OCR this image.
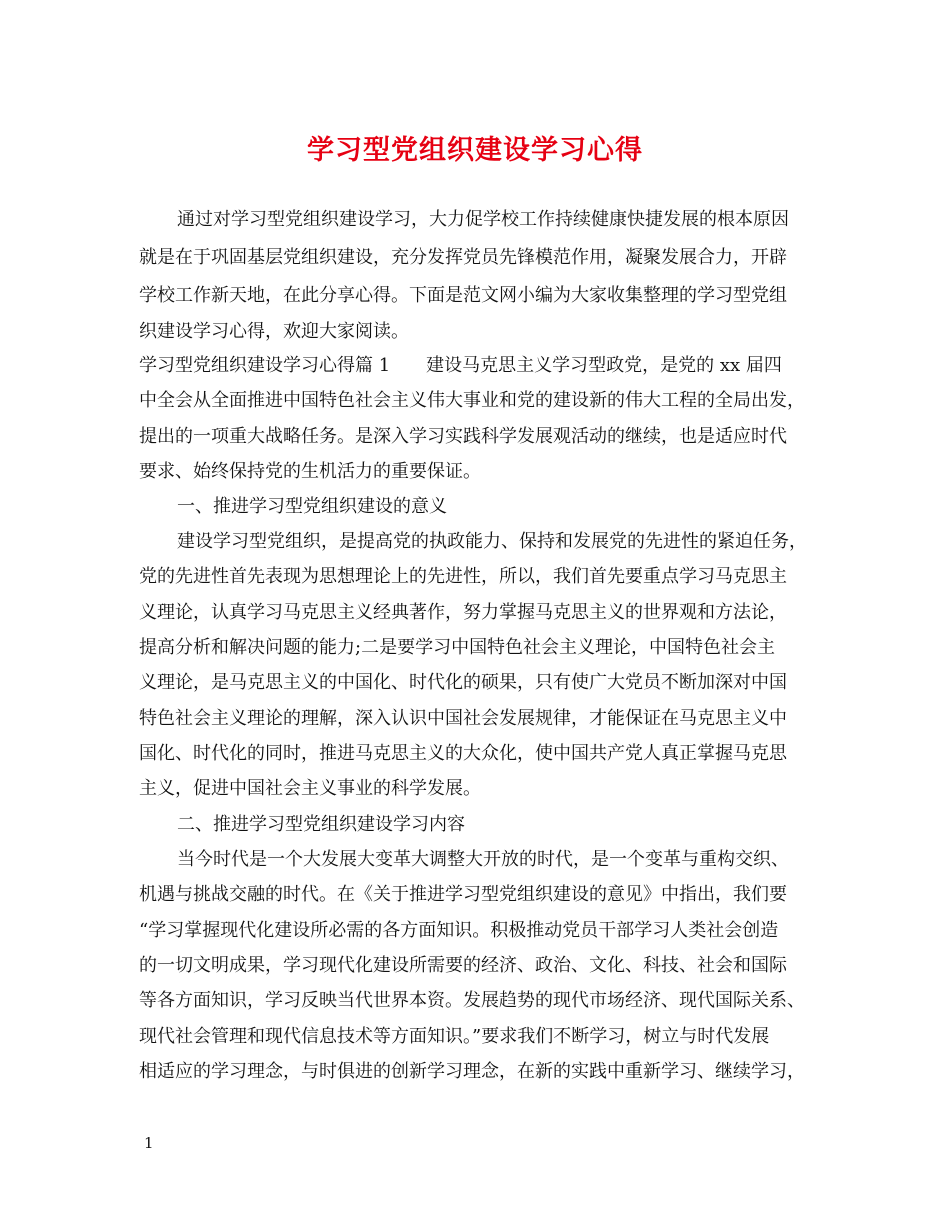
学习型党组织建设学习心得
通过对学习型党组织建设学习，大力促学校工作持续健康快捷发展的根本原因
就是在于巩固基层党组织建设，充分发挥党员先锋模范作用，凝聚发展合力，开辟
学校工作新天地，在此分享心得。下面是范文网小编为大家收集整理的学习型党组
织建设学习心得，欢迎大家阅读。
学习型党组织建设学习心得篇 1　　建设马克思主义学习型政党，是党的 xx 届四
中全会从全面推进中国特色社会主义伟大事业和党的建设新的伟大工程的全局出发，
提出的一项重大战略任务。是深入学习实践科学发展观活动的继续，也是适应时代
要求、始终保持党的生机活力的重要保证。
一、推进学习型党组织建设的意义
建设学习型党组织，是提高党的执政能力、保持和发展党的先进性的紧迫任务，
党的先进性首先表现为思想理论上的先进性，所以，我们首先要重点学习马克思主
义理论，认真学习马克思主义经典著作，努力掌握马克思主义的世界观和方法论，
提高分析和解决问题的能力;二是要学习中国特色社会主义理论，中国特色社会主
义理论，是马克思主义的中国化、时代化的硕果，只有使广大党员不断加深对中国
特色社会主义理论的理解，深入认识中国社会发展规律，才能保证在马克思主义中
国化、时代化的同时，推进马克思主义的大众化，使中国共产党人真正掌握马克思
主义，促进中国社会主义事业的科学发展。
二、推进学习型党组织建设学习内容
当今时代是一个大发展大变革大调整大开放的时代，是一个变革与重构交织、
机遇与挑战交融的时代。在《关于推进学习型党组织建设的意见》中指出，我们要
“学习掌握现代化建设所必需的各方面知识。积极推动党员干部学习人类社会创造
的一切文明成果，学习现代化建设所需要的经济、政治、文化、科技、社会和国际
等各方面知识，学习反映当代世界本资。发展趋势的现代市场经济、现代国际关系、
现代社会管理和现代信息技术等方面知识。”要求我们不断学习，树立与时代发展
相适应的学习理念，与时俱进的创新学习理念，在新的实践中重新学习、继续学习，
1
